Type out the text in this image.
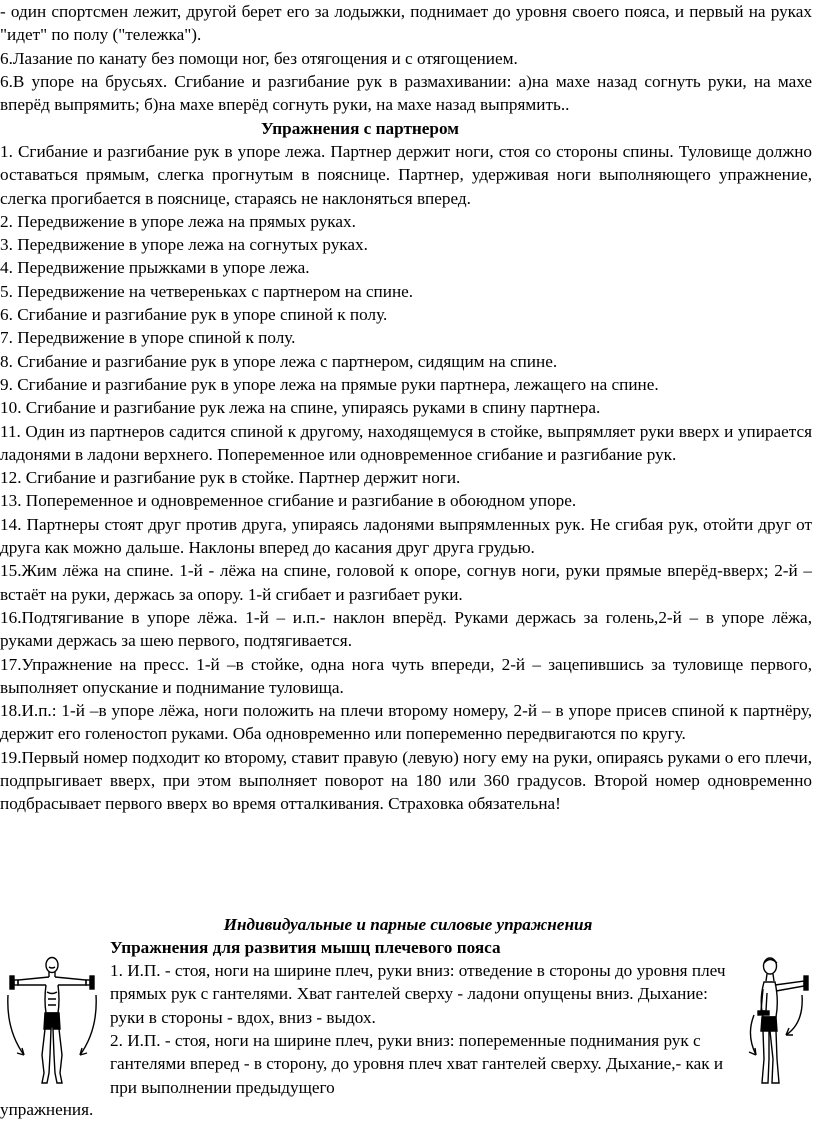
- один спортсмен лежит, другой берет его за лодыжки, поднимает до уровня своего пояса, и первый на руках "идет" по полу ("тележка").

6.Лазание по канату без помощи ног, без отягощения и с отягощением.

6.В упоре на брусьях. Сгибание и разгибание рук в размахивании: а)на махе назад согнуть руки, на махе вперёд выпрямить; б)на махе вперёд согнуть руки, на махе назад выпрямить..

Упражнения с партнером

1. Сгибание и разгибание рук в упоре лежа. Партнер держит ноги, стоя со стороны спины. Туловище должно оставаться прямым, слегка прогнутым в пояснице. Партнер, удерживая ноги выполняющего упражнение, слегка прогибается в пояснице, стараясь не наклоняться вперед.

2. Передвижение в упоре лежа на прямых руках.

3. Передвижение в упоре лежа на согнутых руках.

4. Передвижение прыжками в упоре лежа.

5. Передвижение на четвереньках с партнером на спине.

6. Сгибание и разгибание рук в упоре спиной к полу.

7. Передвижение в упоре спиной к полу.

8. Сгибание и разгибание рук в упоре лежа с партнером, сидящим на спине.

9. Сгибание и разгибание рук в упоре лежа на прямые руки партнера, лежащего на спине.

10. Сгибание и разгибание рук лежа на спине, упираясь руками в спину партнера.

11. Один из партнеров садится спиной к другому, находящемуся в стойке, выпрямляет руки вверх и упирается ладонями в ладони верхнего. Попеременное или одновременное сгибание и разгибание рук.

12. Сгибание и разгибание рук в стойке. Партнер держит ноги.

13. Попеременное и одновременное сгибание и разгибание в обоюдном упоре.

14. Партнеры стоят друг против друга, упираясь ладонями выпрямленных рук. Не сгибая рук, отойти друг от друга как можно дальше. Наклоны вперед до касания друг друга грудью.

15.Жим лёжа на спине. 1-й - лёжа на спине, головой к опоре, согнув ноги, руки прямые вперёд-вверх; 2-й – встаёт на руки, держась за опору. 1-й сгибает и разгибает руки.

16.Подтягивание в упоре лёжа. 1-й – и.п.- наклон вперёд. Руками держась за голень,2-й – в упоре лёжа, руками держась за шею первого, подтягивается.

17.Упражнение на пресс. 1-й –в стойке, одна нога чуть впереди, 2-й – зацепившись за туловище первого, выполняет опускание и поднимание туловища.

18.И.п.: 1-й –в упоре лёжа, ноги положить на плечи второму номеру, 2-й – в упоре присев спиной к партнёру, держит его голеностоп руками. Оба одновременно или попеременно передвигаются по кругу.

19.Первый номер подходит ко второму, ставит правую (левую) ногу ему на руки, опираясь руками о его плечи, подпрыгивает вверх, при этом выполняет поворот на 180 или 360 градусов. Второй номер одновременно подбрасывает первого вверх во время отталкивания. Страховка обязательна!

Индивидуальные и парные силовые упражнения
Упражнения для развития мышц плечевого пояса
1. И.П. - стоя, ноги на ширине плеч, руки вниз: отведение в стороны до уровня плеч прямых рук с гантелями. Хват гантелей сверху - ладони опущены вниз. Дыхание: руки в стороны - вдох, вниз - выдох.
2. И.П. - стоя, ноги на ширине плеч, руки вниз: попеременные поднимания рук с гантелями вперед - в сторону, до уровня плеч хват гантелей сверху. Дыхание,- как и при выполнении предыдущего
упражнения.
